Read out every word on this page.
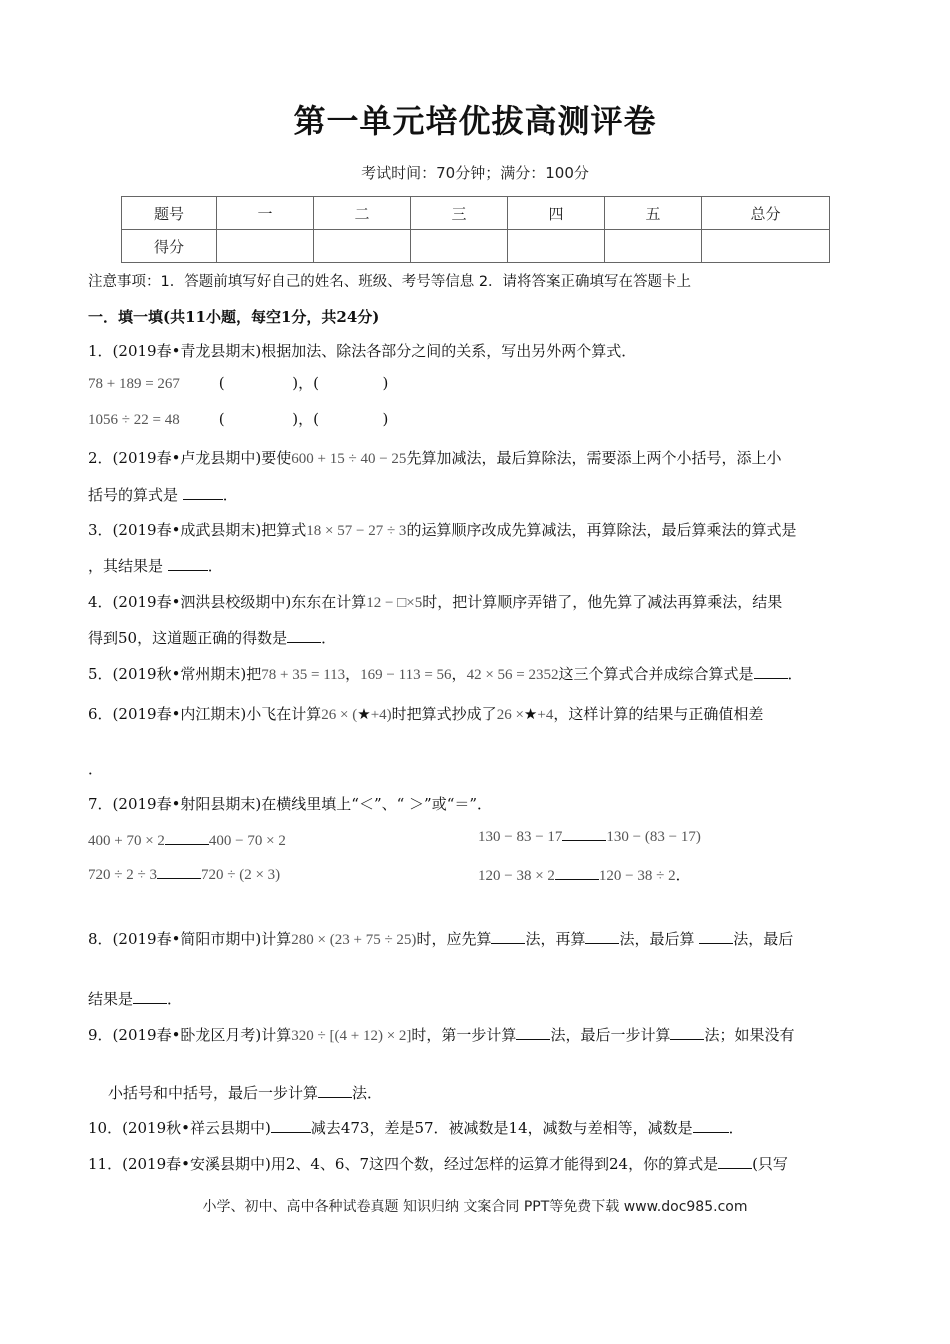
第一单元培优拔高测评卷
考试时间：70分钟；满分：100分
题号	一	二	三	四	五	总分
得分						
注意事项：1．答题前填写好自己的姓名、班级、考号等信息 2．请将答案正确填写在答题卡上
一．填一填(共11小题，每空1分，共24分)
1．(2019春•青龙县期末)根据加法、除法各部分之间的关系，写出另外两个算式．
78 + 189 = 267	(	)，(	)
1056 ÷ 22 = 48	(	)，(	)
2．(2019春•卢龙县期中)要使600 + 15 ÷ 40 − 25先算加减法，最后算除法，需要添上两个小括号，添上小
括号的算式是	．
3．(2019春•成武县期末)把算式18 × 57 − 27 ÷ 3的运算顺序改成先算减法，再算除法，最后算乘法的算式是
，其结果是	．
4．(2019春•泗洪县校级期中)东东在计算12 − □×5时，把计算顺序弄错了，他先算了减法再算乘法，结果
得到50，这道题正确的得数是 ．
5．(2019秋•常州期末)把78 + 35 = 113，169 − 113 = 56，42 × 56 = 2352这三个算式合并成综合算式是 ．
6．(2019春•内江期末)小飞在计算26 × (★+4)时把算式抄成了26 ×★+4，这样计算的结果与正确值相差
．
7．(2019春•射阳县期末)在横线里填上“＜”、“ ＞”或“＝”．
400 + 70 × 2	400 − 70 × 2	130 − 83 − 17	130 − (83 − 17)
720 ÷ 2 ÷ 3	720 ÷ (2 × 3)	120 − 38 × 2	120 − 38 ÷ 2．
8．(2019春•简阳市期中)计算280 × (23 + 75 ÷ 25)时，应先算 法，再算 法，最后算	法，最后
结果是 ．
9．(2019春•卧龙区月考)计算320 ÷ [(4 + 12) × 2]时，第一步计算 法，最后一步计算 法；如果没有
小括号和中括号，最后一步计算 法．
10．(2019秋•祥云县期中)	减去473，差是57．被减数是14，减数与差相等，减数是 ．
11．(2019春•安溪县期中)用2、4、6、7这四个数，经过怎样的运算才能得到24，你的算式是 (只写
小学、初中、高中各种试卷真题 知识归纳 文案合同 PPT等免费下载 www.doc985.com
